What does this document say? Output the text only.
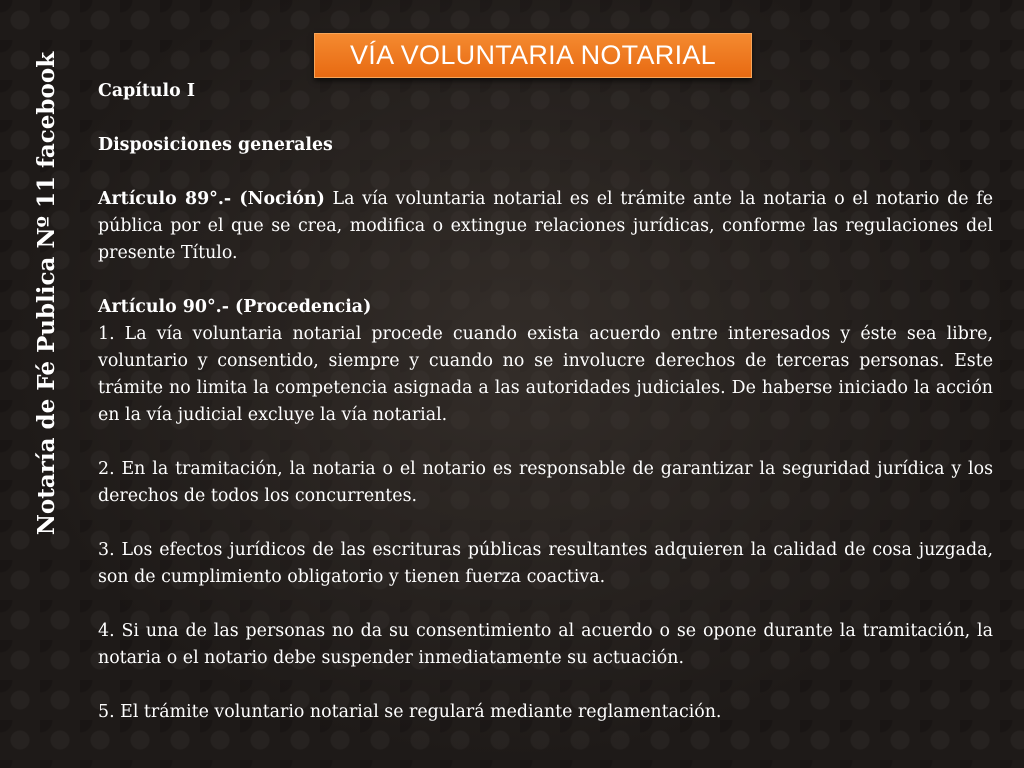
Notaría de Fé Publica Nº 11 facebook	VÍA VOLUNTARIA NOTARIAL

Capítulo I

Disposiciones generales

Artículo 89°.- (Noción) La vía voluntaria notarial es el trámite ante la notaria o el notario de fe pública por el que se crea, modifica o extingue relaciones jurídicas, conforme las regulaciones del presente Título.

Artículo 90°.- (Procedencia)

1. La vía voluntaria notarial procede cuando exista acuerdo entre interesados y éste sea libre, voluntario y consentido, siempre y cuando no se involucre derechos de terceras personas. Este trámite no limita la competencia asignada a las autoridades judiciales. De haberse iniciado la acción en la vía judicial excluye la vía notarial.

2. En la tramitación, la notaria o el notario es responsable de garantizar la seguridad jurídica y los derechos de todos los concurrentes.

3. Los efectos jurídicos de las escrituras públicas resultantes adquieren la calidad de cosa juzgada, son de cumplimiento obligatorio y tienen fuerza coactiva.

4. Si una de las personas no da su consentimiento al acuerdo o se opone durante la tramitación, la notaria o el notario debe suspender inmediatamente su actuación.

5. El trámite voluntario notarial se regulará mediante reglamentación.
